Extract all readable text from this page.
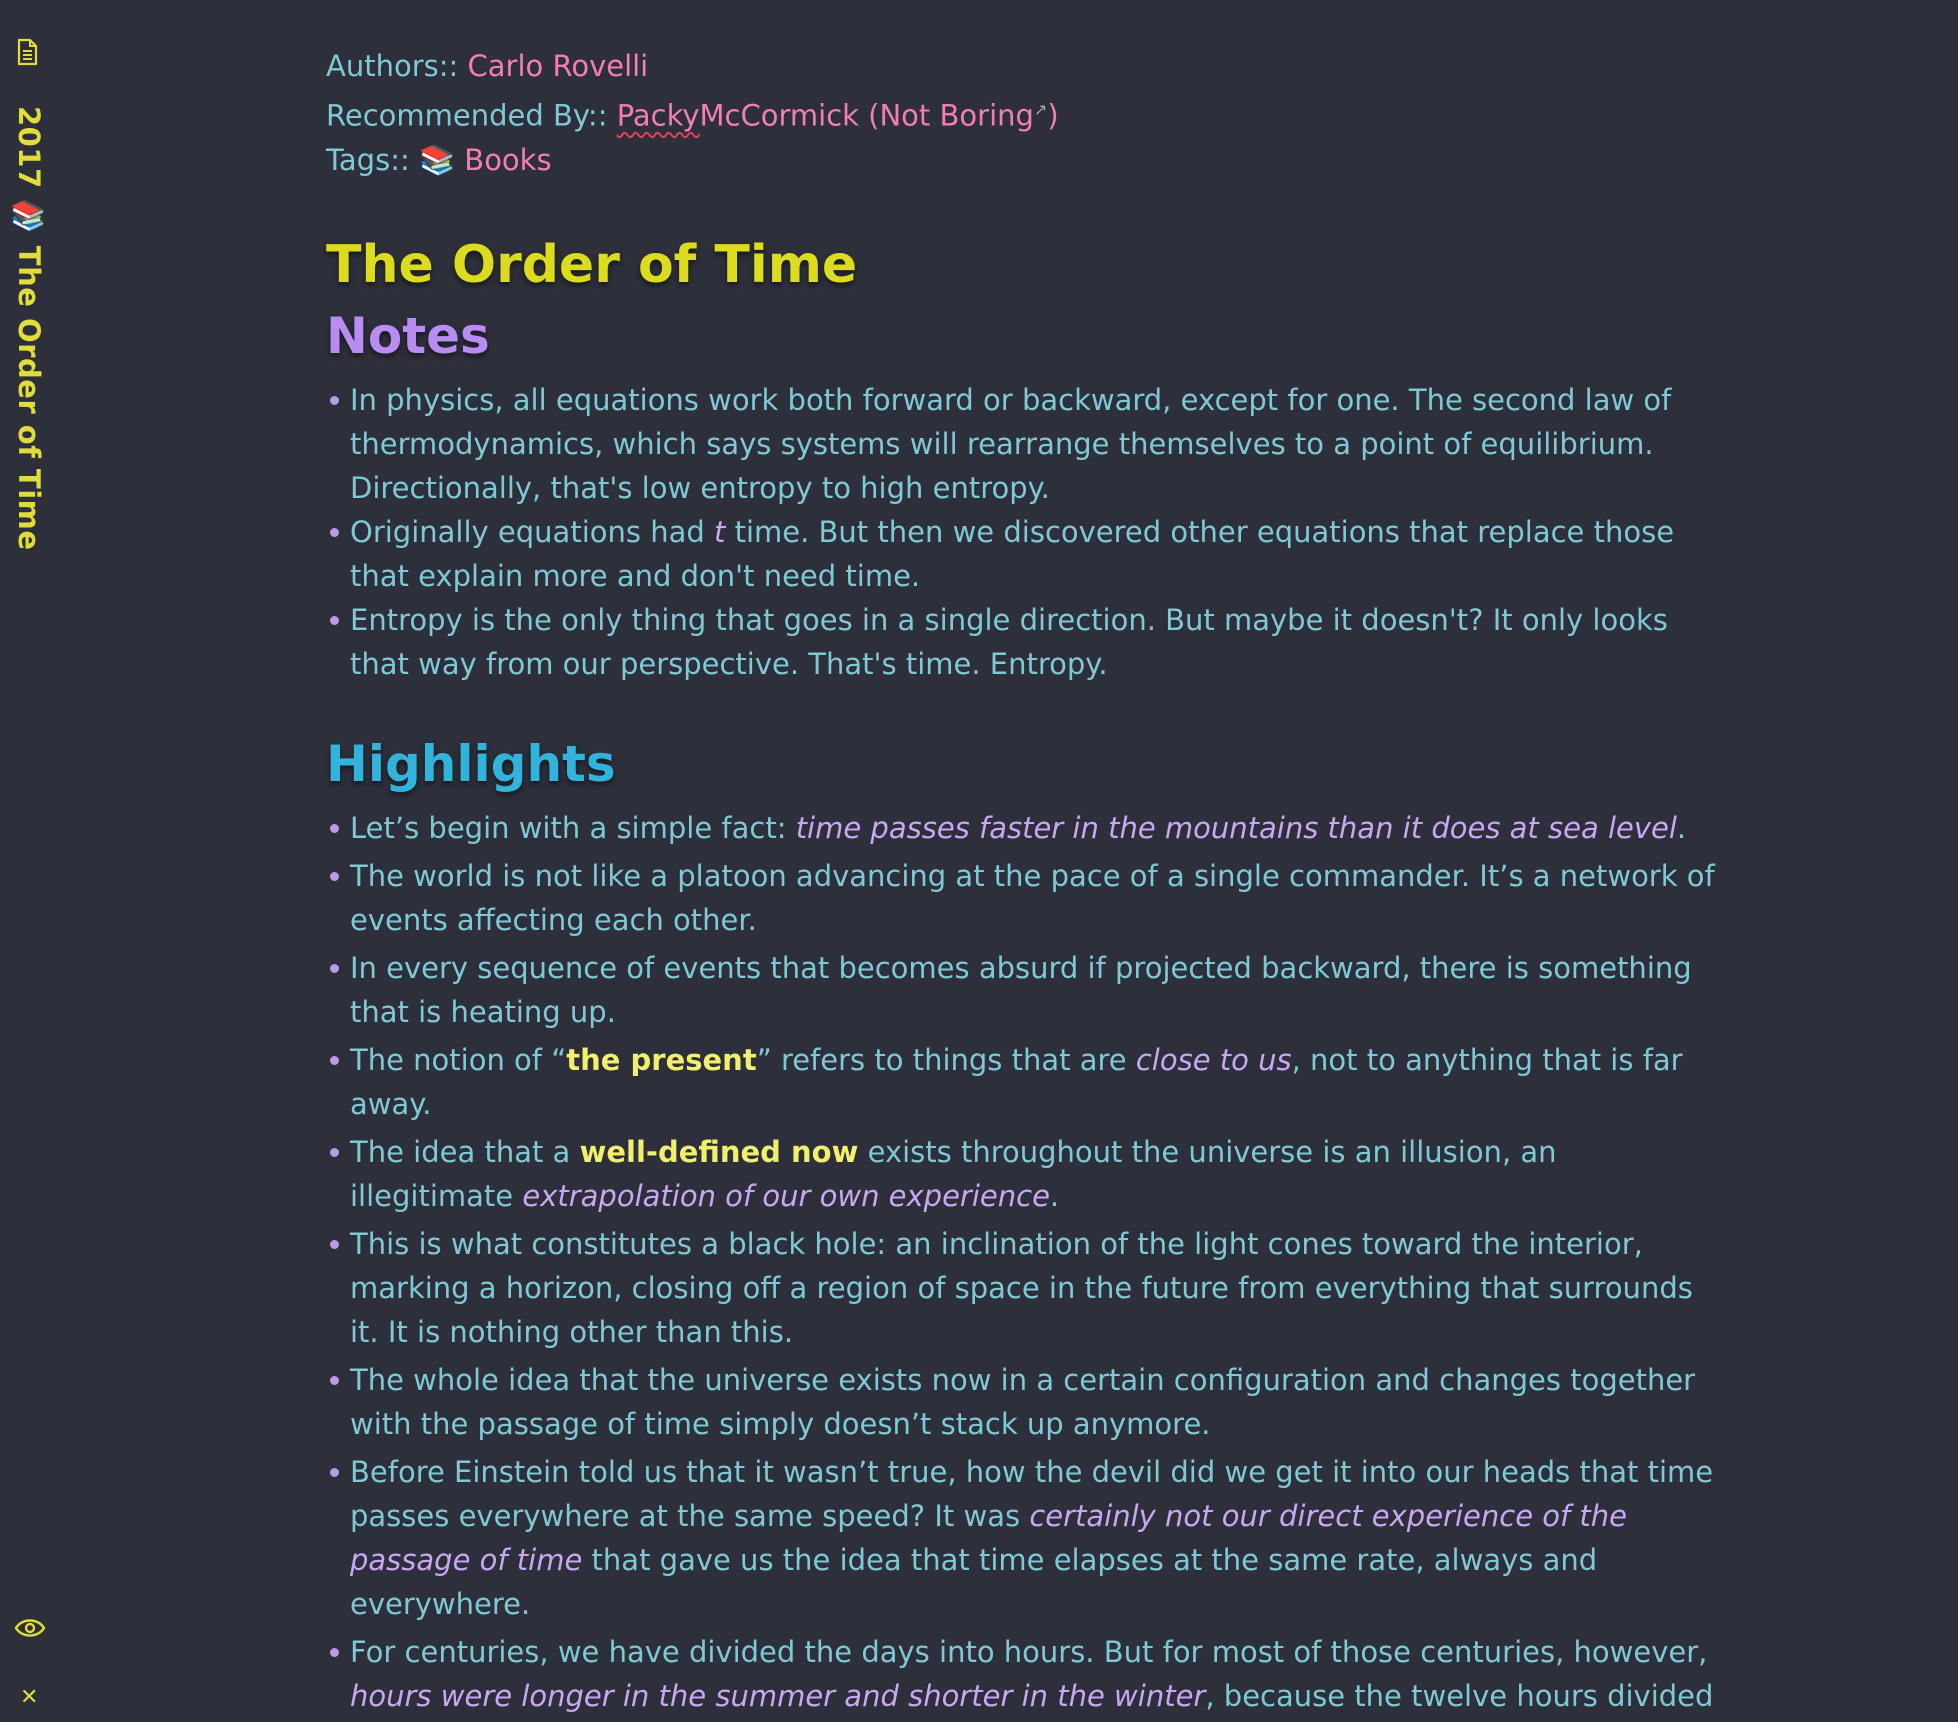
2017 📚 The Order of Time
✕
Authors:: Carlo Rovelli
Recommended By:: PackyMcCormick (Not Boring↗)
Tags:: 📚 Books
The Order of Time
Notes
In physics, all equations work both forward or backward, except for one. The second law of thermodynamics, which says systems will rearrange themselves to a point of equilibrium. Directionally, that's low entropy to high entropy.
Originally equations had t time. But then we discovered other equations that replace those that explain more and don't need time.
Entropy is the only thing that goes in a single direction. But maybe it doesn't? It only looks that way from our perspective. That's time. Entropy.
Highlights
Let’s begin with a simple fact: time passes faster in the mountains than it does at sea level.
The world is not like a platoon advancing at the pace of a single commander. It’s a network of events affecting each other.
In every sequence of events that becomes absurd if projected backward, there is something that is heating up.
The notion of “the present” refers to things that are close to us, not to anything that is far away.
The idea that a well-defined now exists throughout the universe is an illusion, an illegitimate extrapolation of our own experience.
This is what constitutes a black hole: an inclination of the light cones toward the interior, marking a horizon, closing off a region of space in the future from everything that surrounds it. It is nothing other than this.
The whole idea that the universe exists now in a certain configuration and changes together with the passage of time simply doesn’t stack up anymore.
Before Einstein told us that it wasn’t true, how the devil did we get it into our heads that time passes everywhere at the same speed? It was certainly not our direct experience of the passage of time that gave us the idea that time elapses at the same rate, always and everywhere.
For centuries, we have divided the days into hours. But for most of those centuries, however, hours were longer in the summer and shorter in the winter, because the twelve hours divided
